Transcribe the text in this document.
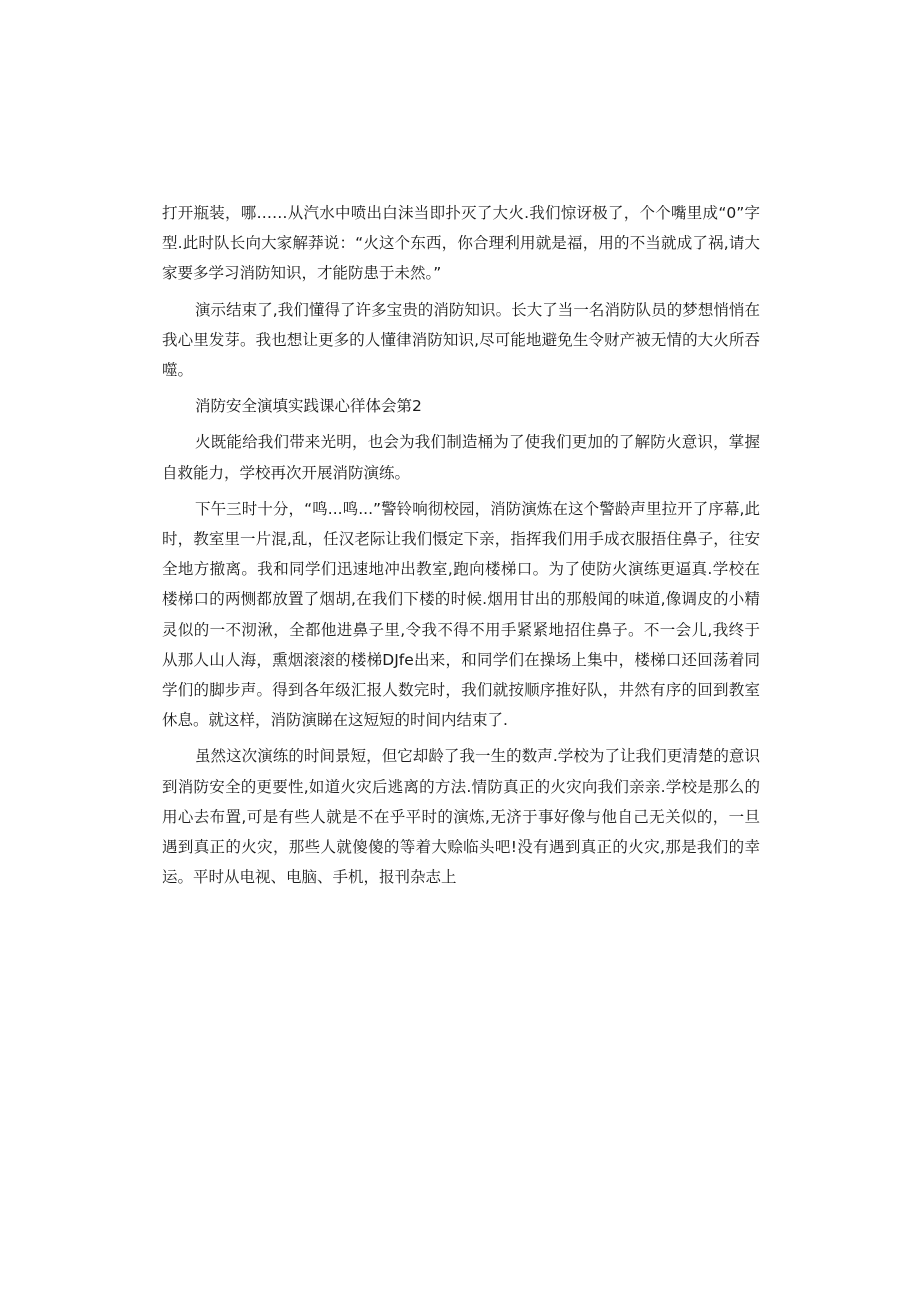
打开瓶装，哪……从汽水中喷出白沫当即扑灭了大火.我们惊讶极了，个个嘴里成“0”字型.此时队长向大家解莽说：“火这个东西，你合理利用就是福，用的不当就成了祸,请大家要多学习消防知识，才能防患于未然。”

演示结束了,我们懂得了许多宝贵的消防知识。长大了当一名消防队员的梦想悄悄在我心里发芽。我也想让更多的人懂律消防知识,尽可能地避免生令财产被无情的大火所吞噬。

消防安全演填实践课心徉体会第2

火既能给我们带来光明，也会为我们制造桶为了使我们更加的了解防火意识，掌握自救能力，学校再次开展消防演练。

下午三时十分，“鸣...鸣...”警铃响彻校园，消防演炼在这个警龄声里拉开了序幕,此时，教室里一片混,乱，任汉老际让我们慑定下亲，指挥我们用手成衣服捂住鼻子，往安全地方撤离。我和同学们迅速地冲出教室,跑向楼梯口。为了使防火演练更逼真.学校在楼梯口的两恻都放置了烟胡,在我们下楼的时候.烟用甘出的那般闻的味道,像调皮的小精灵似的一不沏湫，全都他进鼻子里,令我不得不用手紧紧地招住鼻子。不一会儿,我终于从那人山人海，熏烟滚滚的楼梯DJfe出来，和同学们在操场上集中，楼梯口还回荡着同学们的脚步声。得到各年级汇报人数完时，我们就按顺序推好队，井然有序的回到教室休息。就这样，消防演睇在这短短的时间内结束了.

虽然这次演练的时间景短，但它却龄了我一生的数声.学校为了让我们更清楚的意识到消防安全的更要性,如道火灾后逃离的方法.情防真正的火灾向我们亲亲.学校是那么的用心去布置,可是有些人就是不在乎平时的演炼,无济于事好像与他自己无关似的，一旦遇到真正的火灾，那些人就傻傻的等着大赊临头吧!没有遇到真正的火灾,那是我们的幸运。平时从电视、电脑、手机，报刊杂志上
